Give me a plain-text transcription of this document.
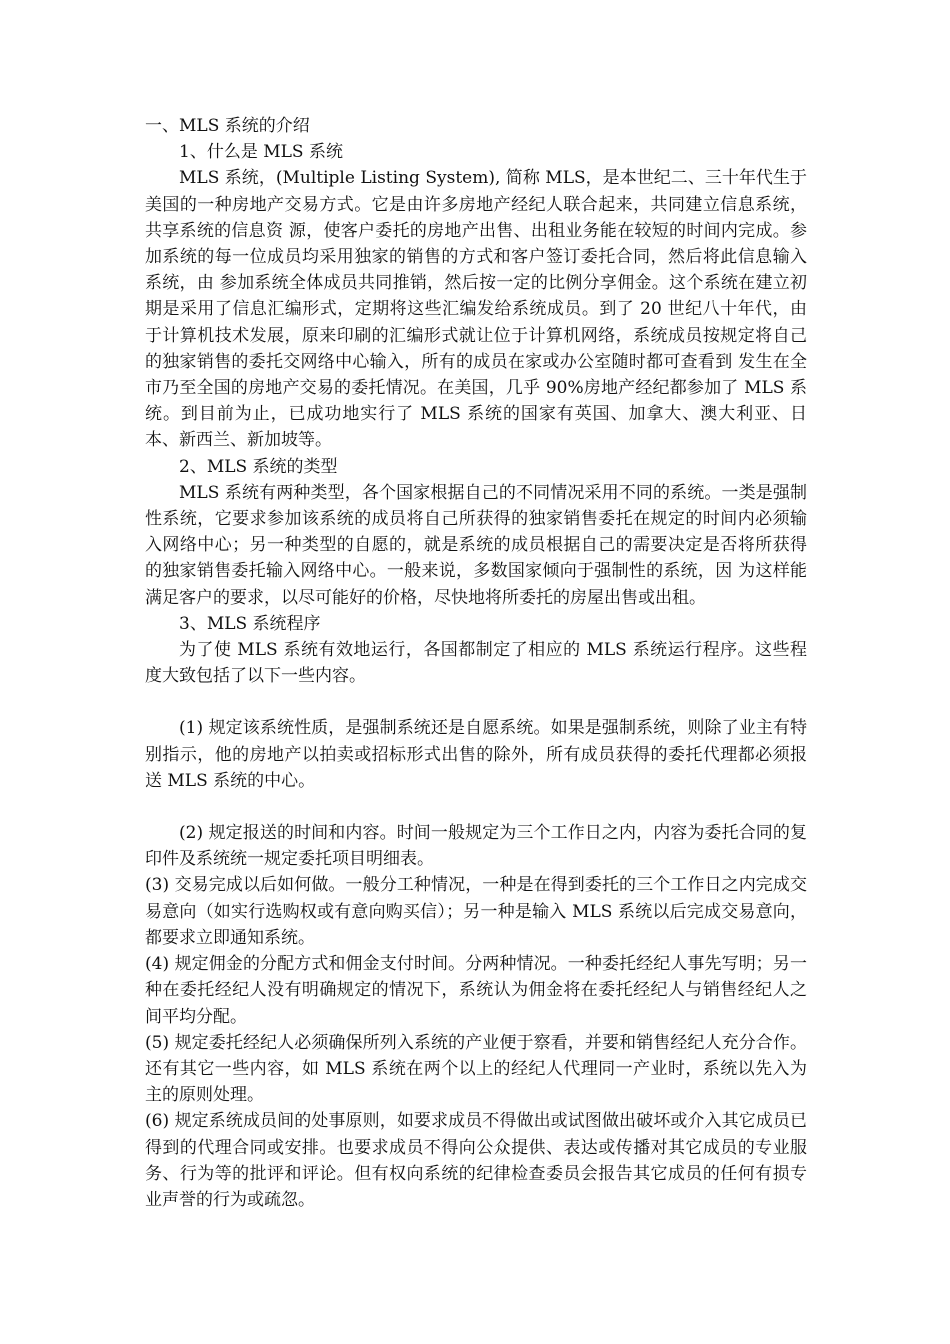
一、MLS 系统的介绍

1、什么是 MLS 系统

MLS 系统，(Multiple Listing System), 简称 MLS，是本世纪二、三十年代生于美国的一种房地产交易方式。它是由许多房地产经纪人联合起来，共同建立信息系统，共享系统的信息资 源，使客户委托的房地产出售、出租业务能在较短的时间内完成。参加系统的每一位成员均采用独家的销售的方式和客户签订委托合同，然后将此信息输入系统，由 参加系统全体成员共同推销，然后按一定的比例分享佣金。这个系统在建立初期是采用了信息汇编形式，定期将这些汇编发给系统成员。到了 20 世纪八十年代，由 于计算机技术发展，原来印刷的汇编形式就让位于计算机网络，系统成员按规定将自己的独家销售的委托交网络中心输入，所有的成员在家或办公室随时都可查看到 发生在全市乃至全国的房地产交易的委托情况。在美国，几乎 90%房地产经纪都参加了 MLS 系统。到目前为止，已成功地实行了 MLS 系统的国家有英国、加拿大、澳大利亚、日本、新西兰、新加坡等。

2、MLS 系统的类型

MLS 系统有两种类型，各个国家根据自己的不同情况采用不同的系统。一类是强制性系统，它要求参加该系统的成员将自己所获得的独家销售委托在规定的时间内必须输 入网络中心；另一种类型的自愿的，就是系统的成员根据自己的需要决定是否将所获得的独家销售委托输入网络中心。一般来说，多数国家倾向于强制性的系统，因 为这样能满足客户的要求，以尽可能好的价格，尽快地将所委托的房屋出售或出租。

3、MLS 系统程序

为了使 MLS 系统有效地运行，各国都制定了相应的 MLS 系统运行程序。这些程度大致包括了以下一些内容。

(1) 规定该系统性质，是强制系统还是自愿系统。如果是强制系统，则除了业主有特别指示，他的房地产以拍卖或招标形式出售的除外，所有成员获得的委托代理都必须报送 MLS 系统的中心。

(2) 规定报送的时间和内容。时间一般规定为三个工作日之内，内容为委托合同的复印件及系统统一规定委托项目明细表。

(3) 交易完成以后如何做。一般分工种情况，一种是在得到委托的三个工作日之内完成交易意向（如实行选购权或有意向购买信）；另一种是输入 MLS 系统以后完成交易意向，都要求立即通知系统。

(4) 规定佣金的分配方式和佣金支付时间。分两种情况。一种委托经纪人事先写明；另一种在委托经纪人没有明确规定的情况下，系统认为佣金将在委托经纪人与销售经纪人之间平均分配。

(5) 规定委托经纪人必须确保所列入系统的产业便于察看，并要和销售经纪人充分合作。还有其它一些内容，如 MLS 系统在两个以上的经纪人代理同一产业时，系统以先入为主的原则处理。

(6) 规定系统成员间的处事原则，如要求成员不得做出或试图做出破坏或介入其它成员已得到的代理合同或安排。也要求成员不得向公众提供、表达或传播对其它成员的专业服务、行为等的批评和评论。但有权向系统的纪律检查委员会报告其它成员的任何有损专业声誉的行为或疏忽。
